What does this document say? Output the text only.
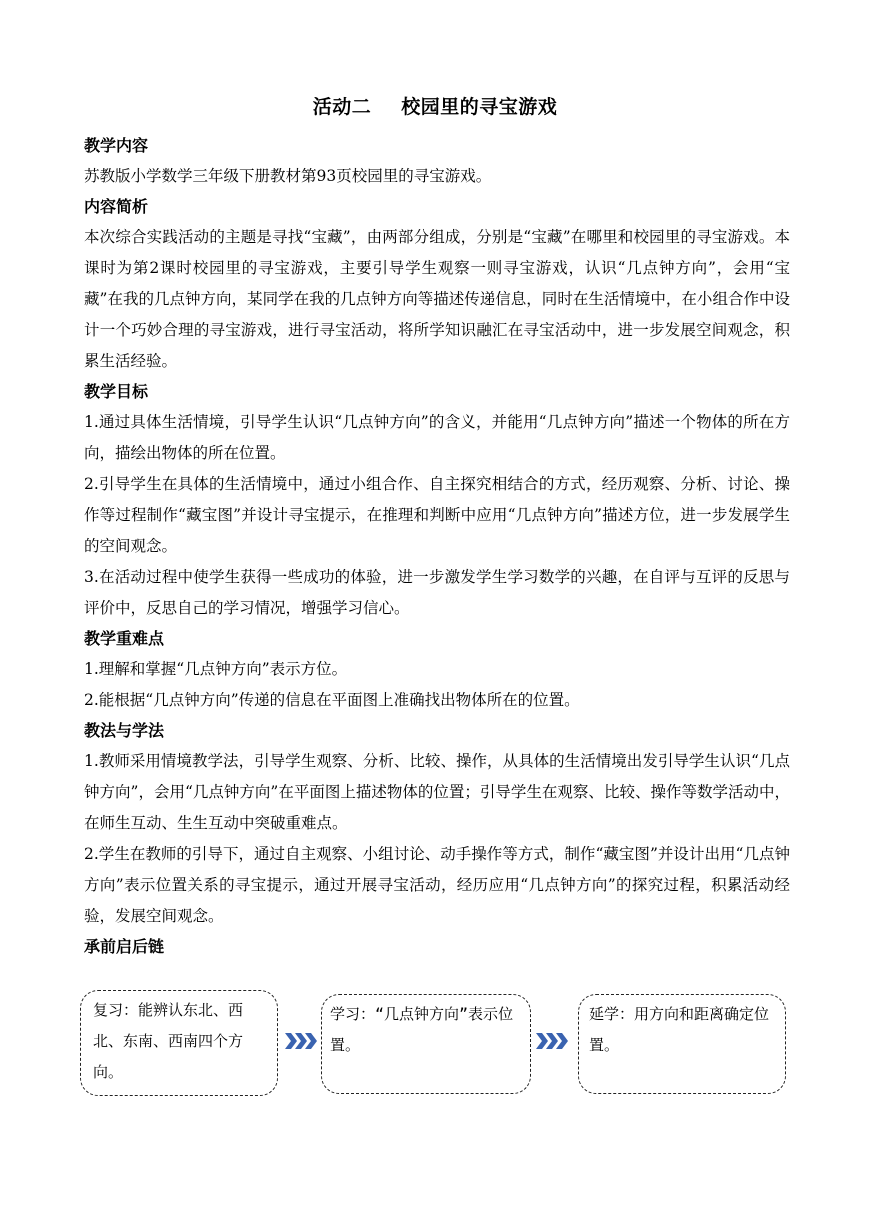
活动二 校园里的寻宝游戏
教学内容

苏教版小学数学三年级下册教材第93页校园里的寻宝游戏。

内容简析

本次综合实践活动的主题是寻找“宝藏”，由两部分组成，分别是“宝藏”在哪里和校园里的寻宝游戏。本课时为第2课时校园里的寻宝游戏，主要引导学生观察一则寻宝游戏，认识“几点钟方向”，会用“宝藏”在我的几点钟方向，某同学在我的几点钟方向等描述传递信息，同时在生活情境中，在小组合作中设计一个巧妙合理的寻宝游戏，进行寻宝活动，将所学知识融汇在寻宝活动中，进一步发展空间观念，积累生活经验。

教学目标

1.通过具体生活情境，引导学生认识“几点钟方向”的含义，并能用“几点钟方向”描述一个物体的所在方向，描绘出物体的所在位置。

2.引导学生在具体的生活情境中，通过小组合作、自主探究相结合的方式，经历观察、分析、讨论、操作等过程制作“藏宝图”并设计寻宝提示，在推理和判断中应用“几点钟方向”描述方位，进一步发展学生的空间观念。

3.在活动过程中使学生获得一些成功的体验，进一步激发学生学习数学的兴趣，在自评与互评的反思与评价中，反思自己的学习情况，增强学习信心。

教学重难点

1.理解和掌握“几点钟方向”表示方位。

2.能根据“几点钟方向”传递的信息在平面图上准确找出物体所在的位置。

教法与学法

1.教师采用情境教学法，引导学生观察、分析、比较、操作，从具体的生活情境出发引导学生认识“几点钟方向”，会用“几点钟方向”在平面图上描述物体的位置；引导学生在观察、比较、操作等数学活动中，在师生互动、生生互动中突破重难点。

2.学生在教师的引导下，通过自主观察、小组讨论、动手操作等方式，制作“藏宝图”并设计出用“几点钟方向”表示位置关系的寻宝提示，通过开展寻宝活动，经历应用“几点钟方向”的探究过程，积累活动经验，发展空间观念。

承前启后链
复习：能辨认东北、西北、东南、西南四个方向。
学习：“几点钟方向”表示位置。
延学：用方向和距离确定位置。
